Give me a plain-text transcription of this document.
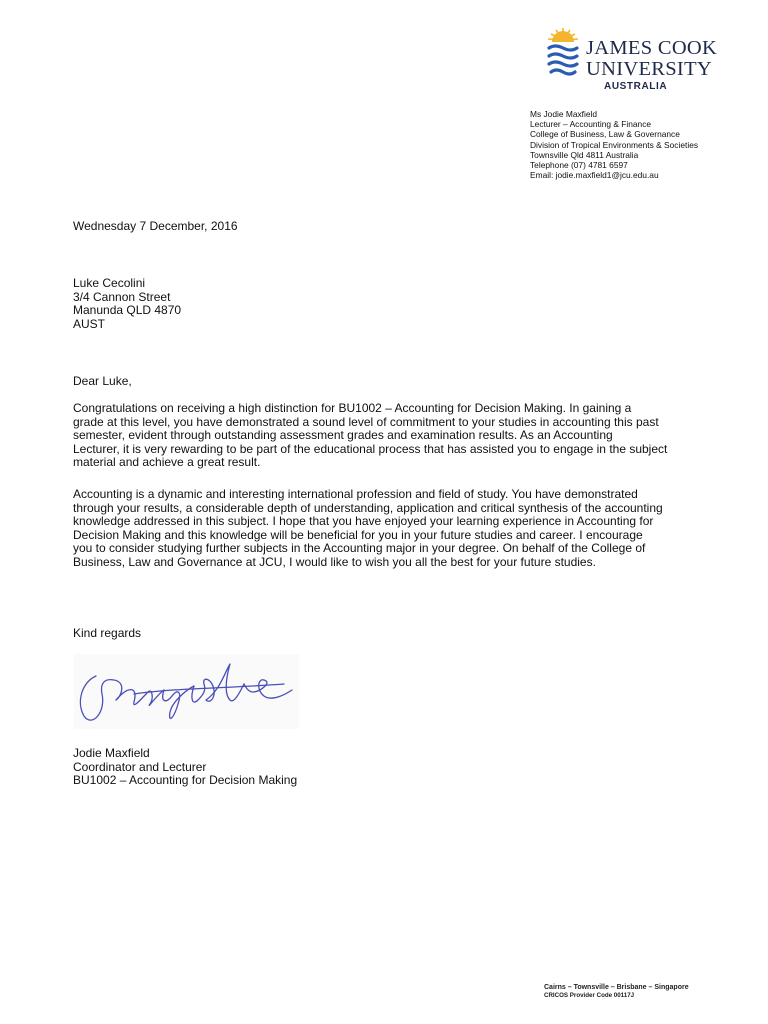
JAMES COOK
UNIVERSITY
AUSTRALIA
Ms Jodie Maxfield
Lecturer – Accounting & Finance
College of Business, Law & Governance
Division of Tropical Environments & Societies
Townsville Qld 4811 Australia
Telephone (07) 4781 6597
Email: jodie.maxfield1@jcu.edu.au
Wednesday 7 December, 2016
Luke Cecolini
3/4 Cannon Street
Manunda QLD 4870
AUST
Dear Luke,
Congratulations on receiving a high distinction for BU1002 – Accounting for Decision Making. In gaining a
grade at this level, you have demonstrated a sound level of commitment to your studies in accounting this past
semester, evident through outstanding assessment grades and examination results. As an Accounting
Lecturer, it is very rewarding to be part of the educational process that has assisted you to engage in the subject
material and achieve a great result.
Accounting is a dynamic and interesting international profession and field of study. You have demonstrated
through your results, a considerable depth of understanding, application and critical synthesis of the accounting
knowledge addressed in this subject. I hope that you have enjoyed your learning experience in Accounting for
Decision Making and this knowledge will be beneficial for you in your future studies and career. I encourage
you to consider studying further subjects in the Accounting major in your degree. On behalf of the College of
Business, Law and Governance at JCU, I would like to wish you all the best for your future studies.
Kind regards
Jodie Maxfield
Coordinator and Lecturer
BU1002 – Accounting for Decision Making
Cairns – Townsville – Brisbane – Singapore
CRICOS Provider Code 00117J
